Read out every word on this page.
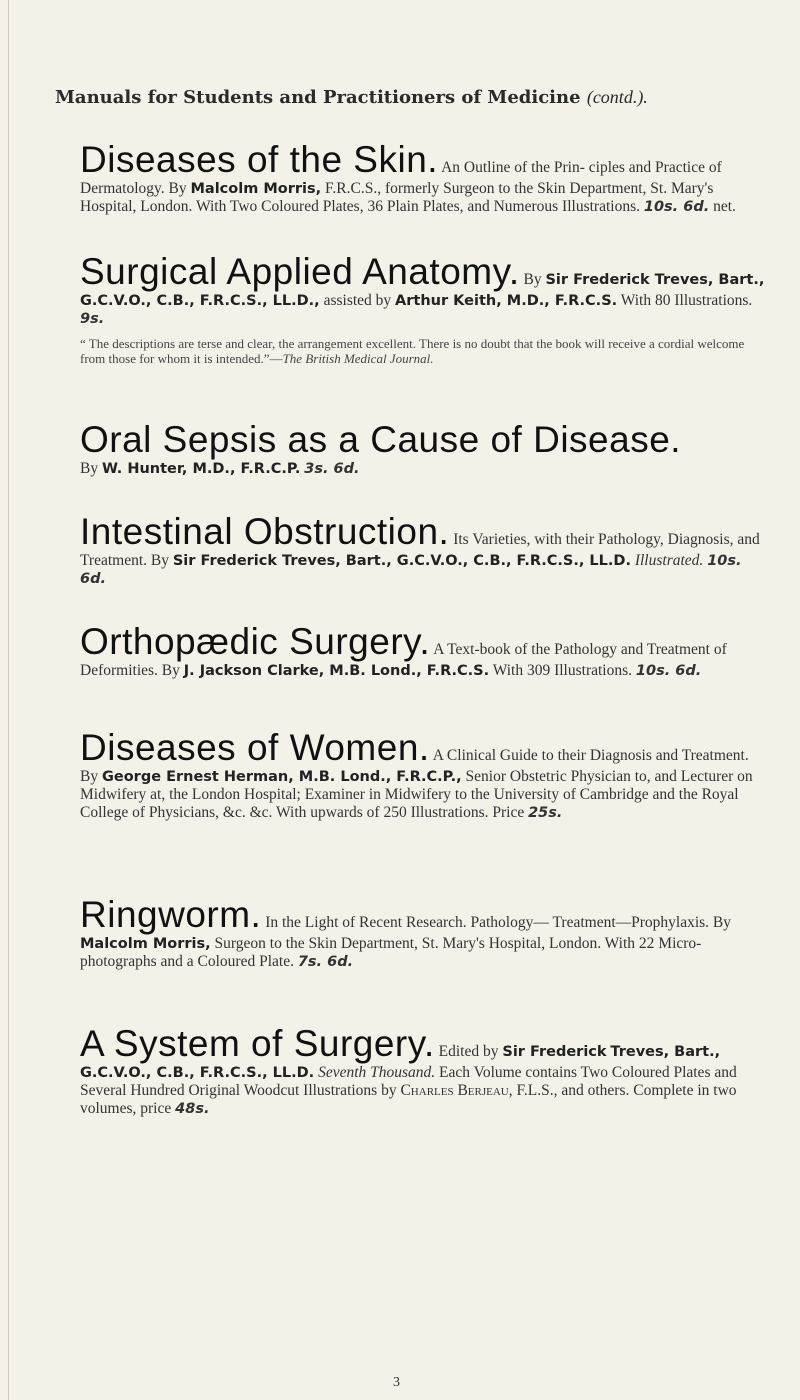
Manuals for Students and Practitioners of Medicine (contd.).
Diseases of the Skin. An Outline of the Prin- ciples and Practice of Dermatology. By Malcolm Morris, F.R.C.S., formerly Surgeon to the Skin Department, St. Mary's Hospital, London. With Two Coloured Plates, 36 Plain Plates, and Numerous Illustrations. 10s. 6d. net.
Surgical Applied Anatomy. By Sir Frederick Treves, Bart., G.C.V.O., C.B., F.R.C.S., LL.D., assisted by Arthur Keith, M.D., F.R.C.S. With 80 Illustrations. 9s.
“ The descriptions are terse and clear, the arrangement excellent. There is no doubt that the book will receive a cordial welcome from those for whom it is intended.”—The British Medical Journal.
Oral Sepsis as a Cause of Disease.
By W. Hunter, M.D., F.R.C.P. 3s. 6d.
Intestinal Obstruction. Its Varieties, with their Pathology, Diagnosis, and Treatment. By Sir Frederick Treves, Bart., G.C.V.O., C.B., F.R.C.S., LL.D. Illustrated. 10s. 6d.
Orthopædic Surgery. A Text-book of the Pathology and Treatment of Deformities. By J. Jackson Clarke, M.B. Lond., F.R.C.S. With 309 Illustrations. 10s. 6d.
Diseases of Women. A Clinical Guide to their Diagnosis and Treatment. By George Ernest Herman, M.B. Lond., F.R.C.P., Senior Obstetric Physician to, and Lecturer on Midwifery at, the London Hospital; Examiner in Midwifery to the University of Cambridge and the Royal College of Physicians, &c. &c. With upwards of 250 Illustrations. Price 25s.
Ringworm. In the Light of Recent Research. Pathology— Treatment—Prophylaxis. By Malcolm Morris, Surgeon to the Skin Department, St. Mary's Hospital, London. With 22 Micro-photographs and a Coloured Plate. 7s. 6d.
A System of Surgery. Edited by Sir Frederick Treves, Bart., G.C.V.O., C.B., F.R.C.S., LL.D. Seventh Thousand. Each Volume contains Two Coloured Plates and Several Hundred Original Woodcut Illustrations by Charles Berjeau, F.L.S., and others. Complete in two volumes, price 48s.
3
